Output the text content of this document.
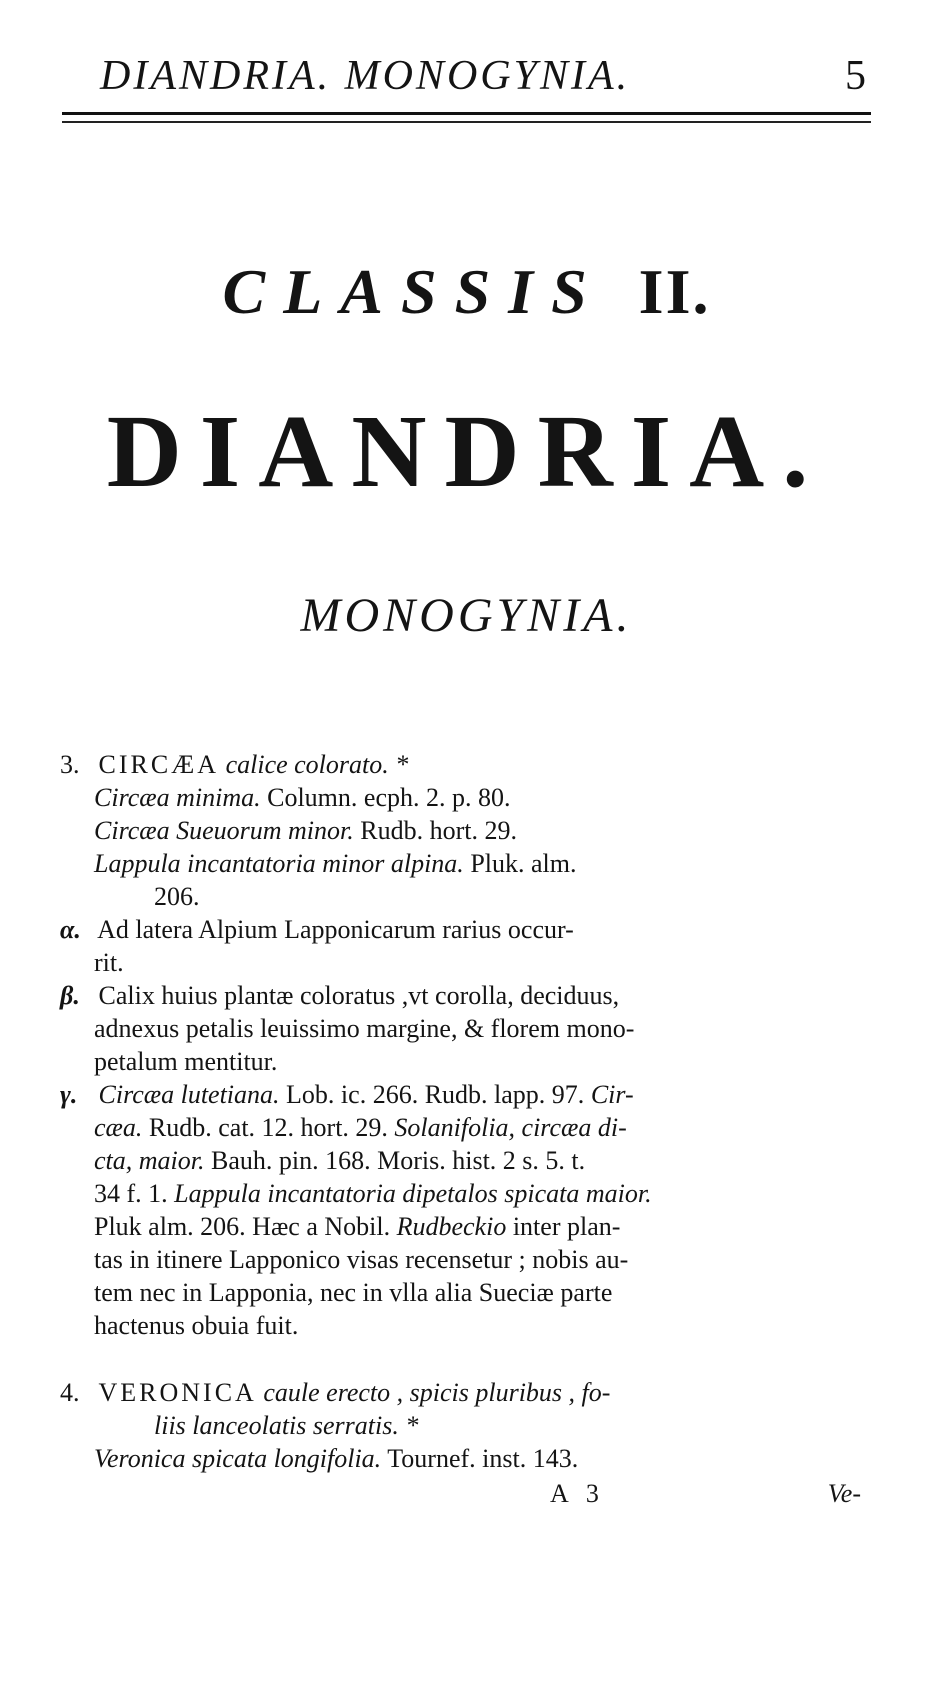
DIANDRIA. MONOGYNIA.	5
CLASSIS II.
DIANDRIA.
MONOGYNIA.
3. CIRCÆA calice colorato. *
Circæa minima. Column. ecph. 2. p. 80.
Circæa Sueuorum minor. Rudb. hort. 29.
Lappula incantatoria minor alpina. Pluk. alm.
206.
α. Ad latera Alpium Lapponicarum rarius occur-
rit.
β. Calix huius plantæ coloratus ,vt corolla, deciduus,
adnexus petalis leuissimo margine, & florem mono-
petalum mentitur.
γ. Circæa lutetiana. Lob. ic. 266. Rudb. lapp. 97. Cir-
cæa. Rudb. cat. 12. hort. 29. Solanifolia, circæa di-
cta, maior. Bauh. pin. 168. Moris. hist. 2 s. 5. t.
34 f. 1. Lappula incantatoria dipetalos spicata maior.
Pluk alm. 206. Hæc a Nobil. Rudbeckio inter plan-
tas in itinere Lapponico visas recensetur ; nobis au-
tem nec in Lapponia, nec in vlla alia Sueciæ parte
hactenus obuia fuit.
4. VERONICA caule erecto , spicis pluribus , fo-
liis lanceolatis serratis. *
Veronica spicata longifolia. Tournef. inst. 143.
A 3	Ve-
